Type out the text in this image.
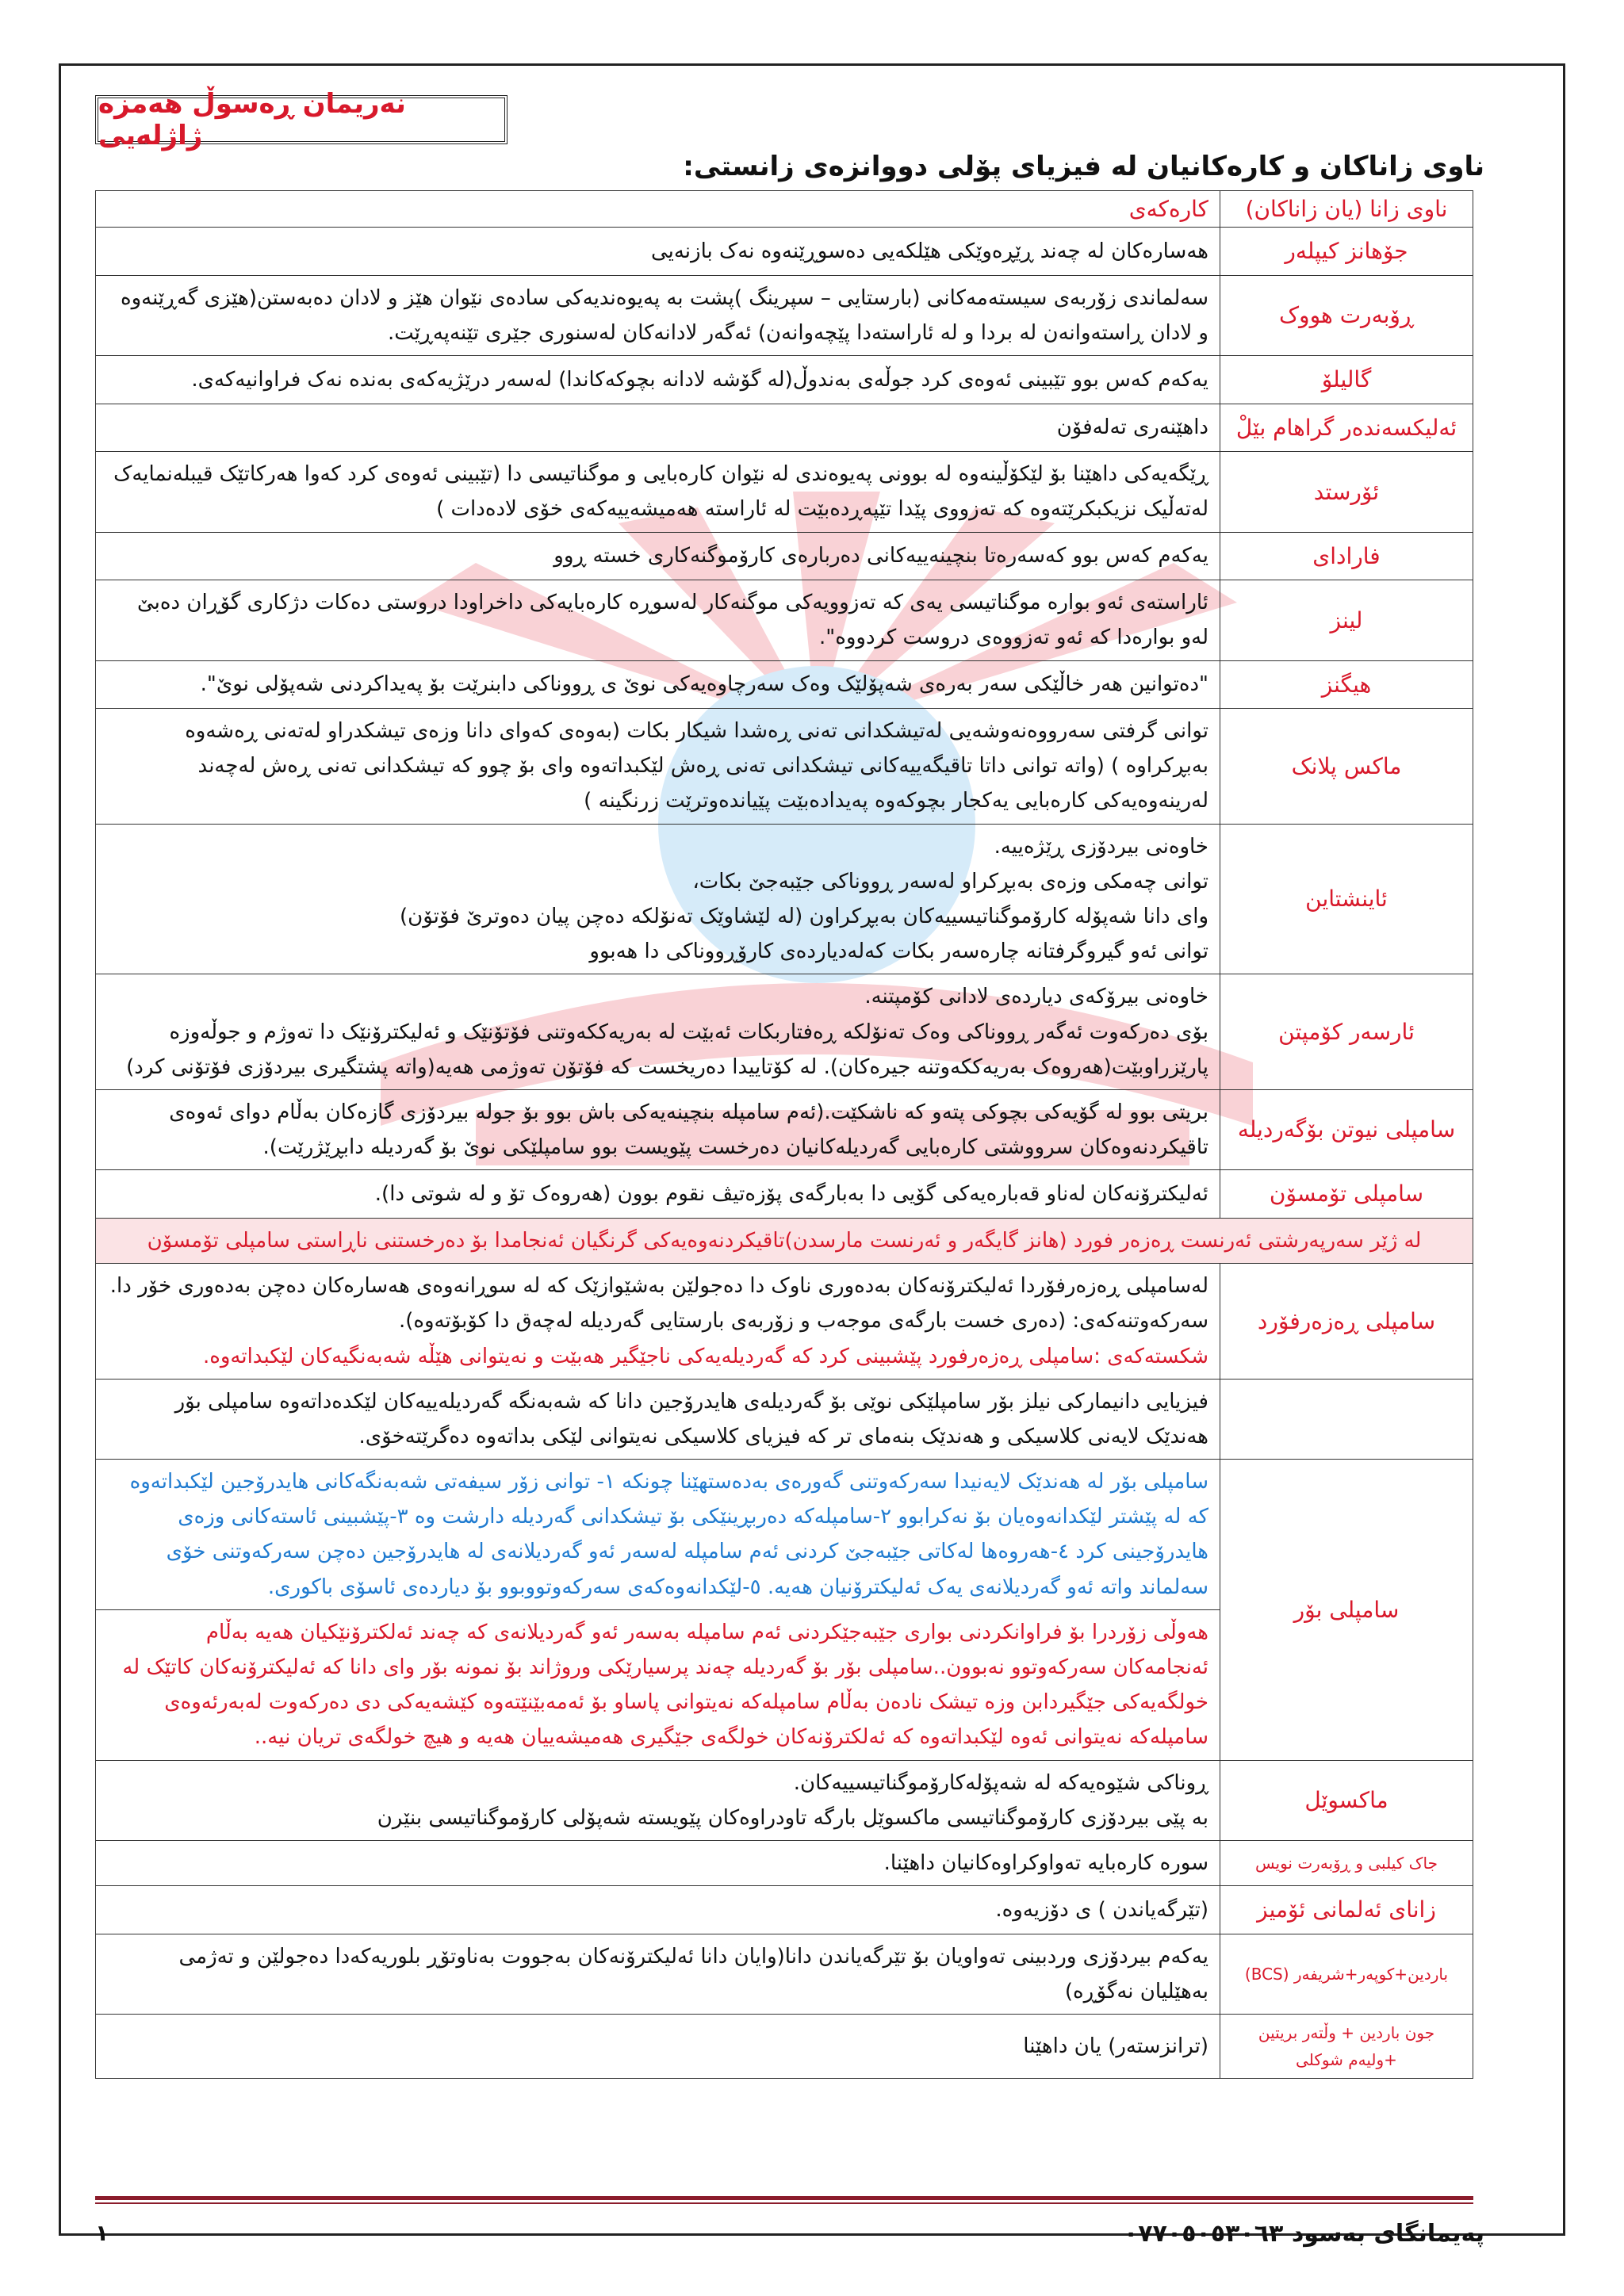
نەریمان ڕەسوڵ هەمزە ژاژلەیی
ناوی زاناکان و کارەکانیان لە فیزیای پۆلی دووانزەی زانستی:
ناوی زانا (یان زاناکان)	کارەکەی
جۆهانز کیپلەر	هەسارەکان لە چەند ڕێڕەوێکی هێلکەیی دەسوڕێنەوە نەک بازنەیی

ڕۆبەرت هووک	سەلماندی زۆربەی سیستەمەکانی (بارستایی – سپرینگ )پشت بە پەیوەندیەکی سادەی نێوان هێز و لادان دەبەستن(هێزی گەڕێنەوە و لادان ڕاستەوانەن لە بردا و لە ئاراستەدا پێچەوانەن) ئەگەر لادانەکان لەسنوری جێری تێنەپەڕێت.

گالیلۆ	یەکەم کەس بوو تێبینی ئەوەی کرد جوڵەی بەندوڵ(لە گۆشە لادانە بچوکەکاندا) لەسەر درێژیەکەی بەندە نەک فراوانیەکەی.

ئەلیکسەندەر گراهام بێلْ	داهێنەری تەلەفۆن

ئۆرستد	ڕێگەیەکی داهێنا بۆ لێکۆڵینەوە لە بوونی پەیوەندی لە نێوان کارەبایی و موگناتیسی دا (تێبینی ئەوەی کرد کەوا هەرکاتێک قیبلەنمایەک لەتەڵیک نزیکبکرێتەوە کە تەزووی پێدا تێپەڕدەبێت لە ئاراستە هەمیشەییەکەی خۆی لادەدات )

فارادای	یەکەم کەس بوو کەسەرەتا بنچینەییەکانی دەربارەی کارۆموگنەکاری خستە ڕوو

لینز	ئاراستەی ئەو بوارە موگناتیسی یەی کە تەزوویەکی موگنەکار لەسوڕە کارەبایەکی داخراودا دروستی دەکات دژکاری گۆڕان دەبێ لەو بوارەدا کە ئەو تەزووەی دروست کردووە".

هیگنز	"دەتوانین هەر خاڵێکی سەر بەرەی شەپۆلێک وەک سەرچاوەیەکی نوێ ی ڕووناکی دابنرێت بۆ پەیداکردنی شەپۆلی نوێ".

ماکس پلانک	توانی گرفتی سەرووەنەوشەیی لەتیشکدانی تەنی ڕەشدا شیکار بکات (بەوەی کەوای دانا وزەی تیشکدراو لەتەنی ڕەشەوە بەبڕکراوە ) (واتە توانی داتا تاقیگەییەکانی تیشکدانی تەنی ڕەش لێکبداتەوە وای بۆ چوو کە تیشکدانی تەنی ڕەش لەچەند لەرینەوەیەکی کارەبایی یەکجار بچوکەوە پەیدادەبێت پێیاندەوترێت زرنگینە )

ئاینشتاین	خاوەنی بیردۆزی ڕێژەییە.
توانی چەمکی وزەی بەبڕکراو لەسەر ڕووناکی جێبەجێ بکات،
وای دانا شەپۆلە کارۆموگناتیسییەکان بەبڕکراون (لە لێشاوێک تەنۆلکە دەچن پیان دەوترێ فۆتۆن)
توانی ئەو گیروگرفتانە چارەسەر بکات کەلەدیاردەی کارۆڕووناکی دا هەبوو

ئارسەر کۆمپتن	خاوەنی بیرۆکەی دیاردەی لادانی کۆمپتنە.
بۆی دەرکەوت ئەگەر ڕووناکی وەک تەنۆلکە ڕەفتاربکات ئەبێت لە بەریەککەوتنی فۆتۆنێک و ئەلیکترۆنێک دا تەوژم و جوڵەوزە پارێزراوبێت(هەروەک بەریەککەوتنە جیرەکان). لە کۆتاییدا دەریخست کە فۆتۆن تەوژمی هەیە(واتە پشتگیری بیردۆزی فۆتۆنی کرد)

سامپلی نیوتن بۆگەردیلە	بریتی بوو لە گۆیەکی بچوکی پتەو کە ناشکێت.(ئەم سامپلە بنچینەیەکی باش بوو بۆ جولە بیردۆزی گازەکان بەڵام دوای ئەوەی تاقیکردنەوەکان سرووشتی کارەبایی گەردیلەکانیان دەرخست پێویست بوو سامپلێکی نوێ بۆ گەردیلە دابڕێژرێت).

سامپلی تۆمسۆن	ئەلیکترۆنەکان لەناو قەبارەیەکی گۆیی دا بەبارگەی پۆزەتیڤ نقوم بوون (هەروەک تۆ و لە شوتی دا).

لە ژێر سەرپەرشتی ئەرنست ڕەزەر فورد (هانز گایگەر و ئەرنست مارسدن)تاقیکردنەوەیەکی گرنگیان ئەنجامدا بۆ دەرخستنی ناڕاستی سامپلی تۆمسۆن	

سامپلی ڕەزەرفۆرد	لەسامپلی ڕەزەرفۆردا ئەلیکترۆنەکان بەدەوری ناوک دا دەجولێن بەشێوازێک کە لە سوڕانەوەی هەسارەکان دەچن بەدەوری خۆر دا.
سەرکەوتنەکەی: (دەری خست بارگەی موجەب و زۆربەی بارستایی گەردیلە لەچەق دا کۆبۆتەوە).
شکستەکەی :سامپلی ڕەزەرفورد پێشبینی کرد کە گەردیلەیەکی ناجێگیر هەبێت و نەیتوانی هێڵە شەبەنگیەکان لێکبداتەوە.

	فیزیایی دانیمارکی نیلز بۆر سامپلێکی نوێی بۆ گەردیلەی هایدرۆجین دانا کە شەبەنگە گەردیلەییەکان لێکدەداتەوە سامپلی بۆر هەندێک لایەنی کلاسیکی و هەندێک بنەمای تر کە فیزیای کلاسیکی نەیتوانی لێکی بداتەوە دەگرێتەخۆی.

سامپلی بۆر	سامپلی بۆر لە هەندێک لایەنیدا سەرکەوتنی گەورەی بەدەستهێنا چونکە ١- توانی زۆر سیفەتی شەبەنگەکانی هایدرۆجین لێکبداتەوە کە لە پێشتر لێکدانەوەیان بۆ نەکرابوو ٢-سامپلەکە دەربڕینێکی بۆ تیشکدانی گەردیلە دارشت وە ٣-پێشبینی ئاستەکانی وزەی هایدرۆجینی کرد ٤-هەروەها لەکاتی جێبەجێ کردنی ئەم سامپلە لەسەر ئەو گەردیلانەی لە هایدرۆجین دەچن سەرکەوتنی خۆی سەلماند واتە ئەو گەردیلانەی یەک ئەلیکترۆنیان هەیە. ٥-لێکدانەوەکەی سەرکەوتووبوو بۆ دیاردەی ئاسۆی باکوری.
هەوڵی زۆردرا بۆ فراوانکردنی بواری جێبەجێکردنی ئەم سامپلە بەسەر ئەو گەردیلانەی کە چەند ئەلکترۆنێکیان هەیە بەڵام ئەنجامەکان سەرکەوتوو نەبوون..سامپلی بۆر بۆ گەردیلە چەند پرسیارێکی وروژاند بۆ نمونە بۆر وای دانا کە ئەلیکترۆنەکان کاتێک لە خولگەیەکی جێگیردابن وزە تیشک نادەن بەڵام سامپلەکە نەیتوانی پاساو بۆ ئەمەبێنێتەوە کێشەیەکی دی دەرکەوت لەبەرئەوەی سامپلەکە نەیتوانی ئەوە لێکبداتەوە کە ئەلکترۆنەکان خولگەی جێگیری هەمیشەییان هەیە و هیچ خولگەی تریان نیە..

ماکسوێل	ڕوناکی شێوەیەکە لە شەپۆلەکارۆموگناتیسییەکان.
بە پێی بیردۆزی کارۆموگناتیسی ماکسوێل بارگە تاودراوەکان پێویستە شەپۆلی کارۆموگناتیسی بنێرن

جاک کیلبی و ڕۆبەرت نویس	سورە کارەبایە تەواوکراوەکانیان داهێنا.

زانای ئەلمانی ئۆمیز	(تێرگەیاندن ) ی دۆزیەوە.

باردین+کوپەر+شریفەر (BCS)	یەکەم بیردۆزی وردبینی تەواویان بۆ تێرگەیاندن دانا(وایان دانا ئەلیکترۆنەکان بەجووت بەناوتۆڕ بلوریەکەدا دەجولێن و تەژمی بەهێلیان نەگۆڕە)

جون باردین + وڵتەر بریتین +ولیەم شوکلی	(ترانزستەر) یان داهێنا
١	پەیمانگای بەسود ٠٧٧٠٥٠٥٣٠٦٣
